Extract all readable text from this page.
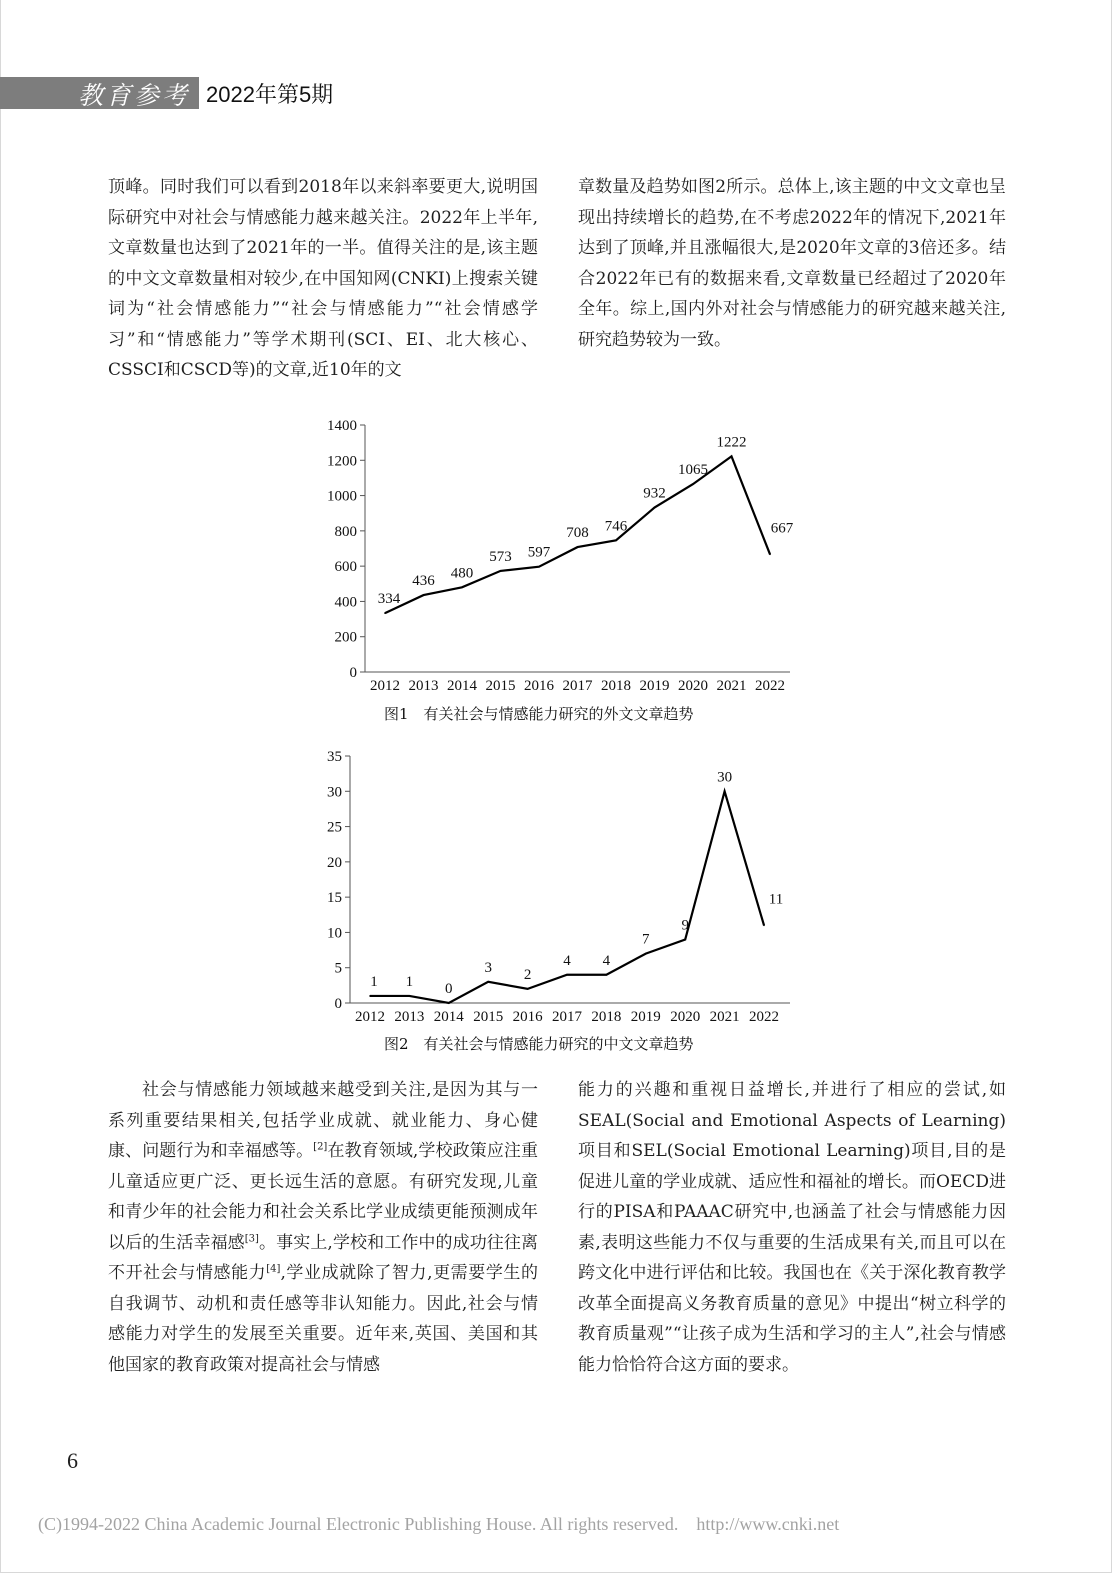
教育参考 2022年第5期

顶峰。同时我们可以看到2018年以来斜率要更大,说明国际研究中对社会与情感能力越来越关注。2022年上半年,文章数量也达到了2021年的一半。值得关注的是,该主题的中文文章数量相对较少,在中国知网(CNKI)上搜索关键词为“社会情感能力”“社会与情感能力”“社会情感学习”和“情感能力”等学术期刊(SCI、EI、北大核心、CSSCI和CSCD等)的文章,近10年的文

章数量及趋势如图2所示。总体上,该主题的中文文章也呈现出持续增长的趋势,在不考虑2022年的情况下,2021年达到了顶峰,并且涨幅很大,是2020年文章的3倍还多。结合2022年已有的数据来看,文章数量已经超过了2020年全年。综上,国内外对社会与情感能力的研究越来越关注,研究趋势较为一致。

0
200
400
600
800
1000
1200
1400
2012 2013 2014 2015 2016 2017 2018 2019 2020 2021 2022
334
436 480
573 597
708 746
932
1065
1222
667
图1　有关社会与情感能力研究的外文文章趋势
0
5
10
15
20
25
30
35
2012 2013 2014 2015 2016 2017 2018 2019 2020 2021 2022
1 1 0
3 2
4 4
7
9
30
11
图2　有关社会与情感能力研究的中文文章趋势

社会与情感能力领域越来越受到关注,是因为其与一系列重要结果相关,包括学业成就、就业能力、身心健康、问题行为和幸福感等。[2]在教育领域,学校政策应注重儿童适应更广泛、更长远生活的意愿。有研究发现,儿童和青少年的社会能力和社会关系比学业成绩更能预测成年以后的生活幸福感[3]。事实上,学校和工作中的成功往往离不开社会与情感能力[4],学业成就除了智力,更需要学生的自我调节、动机和责任感等非认知能力。因此,社会与情感能力对学生的发展至关重要。近年来,英国、美国和其他国家的教育政策对提高社会与情感

能力的兴趣和重视日益增长,并进行了相应的尝试,如SEAL(Social and Emotional Aspects of Learning)项目和SEL(Social Emotional Learning)项目,目的是促进儿童的学业成就、适应性和福祉的增长。而OECD进行的PISA和PAAAC研究中,也涵盖了社会与情感能力因素,表明这些能力不仅与重要的生活成果有关,而且可以在跨文化中进行评估和比较。我国也在《关于深化教育教学改革全面提高义务教育质量的意见》中提出“树立科学的教育质量观”“让孩子成为生活和学习的主人”,社会与情感能力恰恰符合这方面的要求。

6
(C)1994-2022 China Academic Journal Electronic Publishing House. All rights reserved.    http://www.cnki.net
